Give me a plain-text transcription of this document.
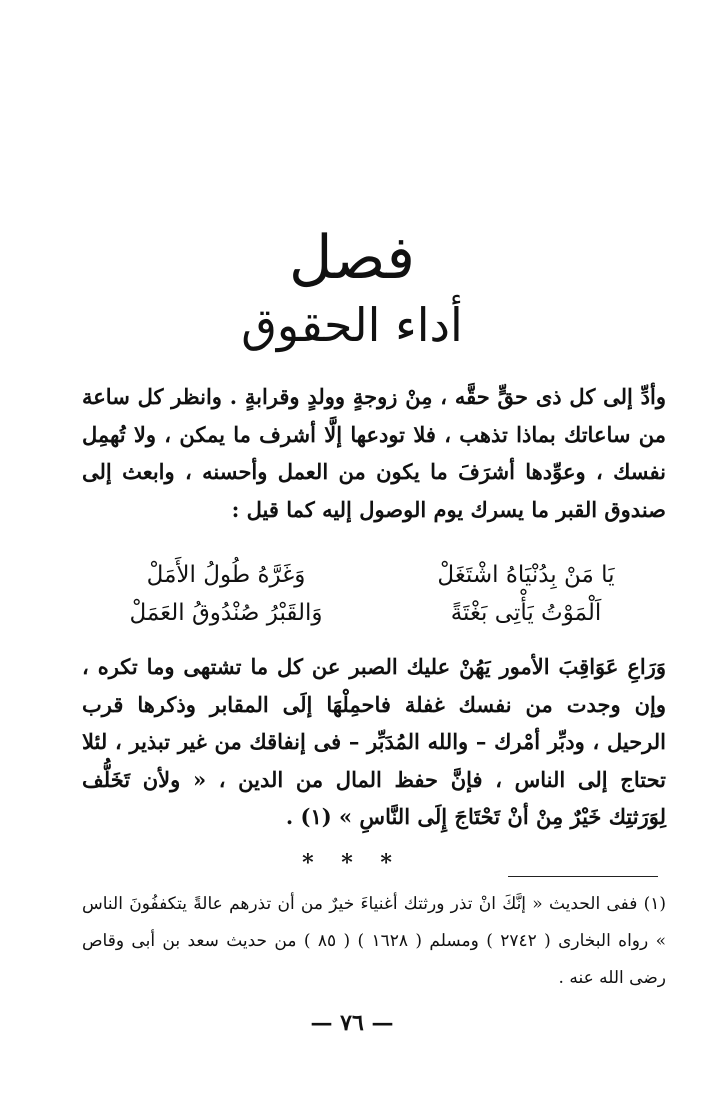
فصل
أداء الحقوق

وأدِّ إلى كل ذى حقٍّ حقَّه ، مِنْ زوجةٍ وولدٍ وقرابةٍ . وانظر كل ساعة من ساعاتك بماذا تذهب ، فلا تودعها إلَّا أشرف ما يمكن ، ولا تُهمِل نفسك ، وعوِّدها أشرَفَ ما يكون من العمل وأحسنه ، وابعث إلى صندوق القبر ما يسرك يوم الوصول إليه كما قيل :

يَا مَنْ بِدُنْيَاهُ اشْتَغَلْ
وَغَرَّهُ طُولُ الأَمَلْ
اَلْمَوْتُ يَأْتِى بَغْتَةً
وَالقَبْرُ صُنْدُوقُ العَمَلْ

وَرَاعِ عَوَاقِبَ الأمور يَهُنْ عليك الصبر عن كل ما تشتهى وما تكره ، وإن وجدت من نفسك غفلة فاحمِلْهَا إلَى المقابر وذكرها قرب الرحيل ، ودبِّر أمْرك – والله المُدَبِّر – فى إنفاقك من غير تبذير ، لئلا تحتاج إلى الناس ، فإنَّ حفظ المال من الدين ، « ولأن تَخَلُّف لِوَرَثتِك خَيْرٌ مِنْ أنْ تَحْتَاجَ إِلَى النَّاسِ » (١) .

* * *

(١) ففى الحديث « إنَّكَ انْ تذر ورثتك أغنياءَ خيرٌ من أن تذرهم عالةً يتكففُونَ الناس » رواه البخارى ( ٢٧٤٢ ) ومسلم ( ١٦٢٨ ) ( ٨٥ ) من حديث سعد بن أبى وقاص رضى الله عنه .

— ٧٦ —
